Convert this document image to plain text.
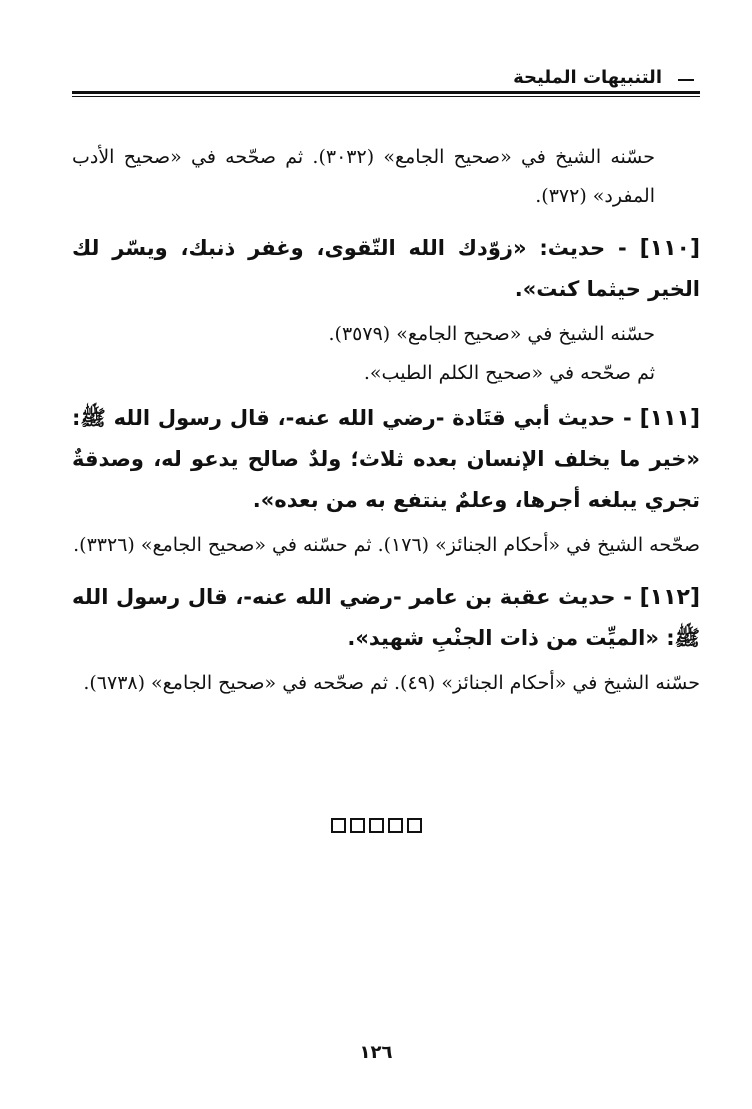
التنبيهات المليحة

حسّنه الشيخ في «صحيح الجامع» (٣٠٣٢). ثم صحّحه في «صحيح الأدب المفرد» (٣٧٢).

[١١٠] - حديث: «زوّدك الله التّقوى، وغفر ذنبك، ويسّر لك الخير حيثما كنت».

حسّنه الشيخ في «صحيح الجامع» (٣٥٧٩).

ثم صحّحه في «صحيح الكلم الطيب».

[١١١] - حديث أبي قتَادة -رضي الله عنه-، قال رسول الله ﷺ: «خير ما يخلف الإنسان بعده ثلاث؛ ولدٌ صالح يدعو له، وصدقةٌ تجري يبلغه أجرها، وعلمٌ ينتفع به من بعده».

صحّحه الشيخ في «أحكام الجنائز» (١٧٦). ثم حسّنه في «صحيح الجامع» (٣٣٢٦).

[١١٢] - حديث عقبة بن عامر -رضي الله عنه-، قال رسول الله ﷺ: «الميِّت من ذات الجنْبِ شهيد».

حسّنه الشيخ في «أحكام الجنائز» (٤٩). ثم صحّحه في «صحيح الجامع» (٦٧٣٨).

١٢٦
